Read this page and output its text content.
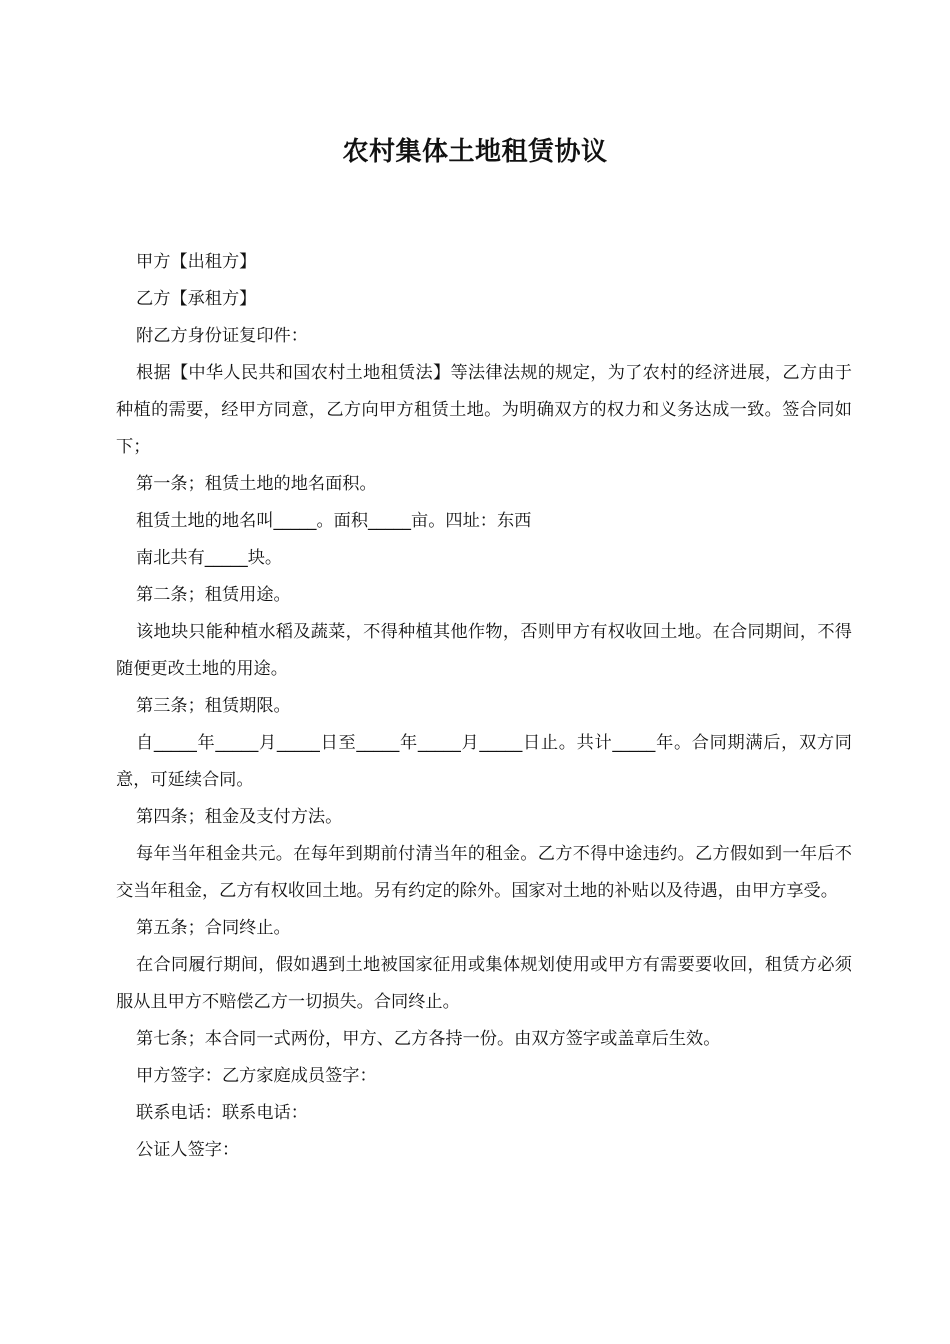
农村集体土地租赁协议

甲方【出租方】

乙方【承租方】

附乙方身份证复印件：

根据【中华人民共和国农村土地租赁法】等法律法规的规定，为了农村的经济进展，乙方由于种植的需要，经甲方同意，乙方向甲方租赁土地。为明确双方的权力和义务达成一致。签合同如下；

第一条；租赁土地的地名面积。

租赁土地的地名叫_____。面积_____亩。四址：东西

南北共有_____块。

第二条；租赁用途。

该地块只能种植水稻及蔬菜，不得种植其他作物，否则甲方有权收回土地。在合同期间，不得随便更改土地的用途。

第三条；租赁期限。

自_____年_____月_____日至_____年_____月_____日止。共计_____年。合同期满后，双方同意，可延续合同。

第四条；租金及支付方法。

每年当年租金共元。在每年到期前付清当年的租金。乙方不得中途违约。乙方假如到一年后不交当年租金，乙方有权收回土地。另有约定的除外。国家对土地的补贴以及待遇，由甲方享受。

第五条；合同终止。

在合同履行期间，假如遇到土地被国家征用或集体规划使用或甲方有需要要收回，租赁方必须服从且甲方不赔偿乙方一切损失。合同终止。

第七条；本合同一式两份，甲方、乙方各持一份。由双方签字或盖章后生效。

甲方签字：乙方家庭成员签字：

联系电话：联系电话：

公证人签字：
